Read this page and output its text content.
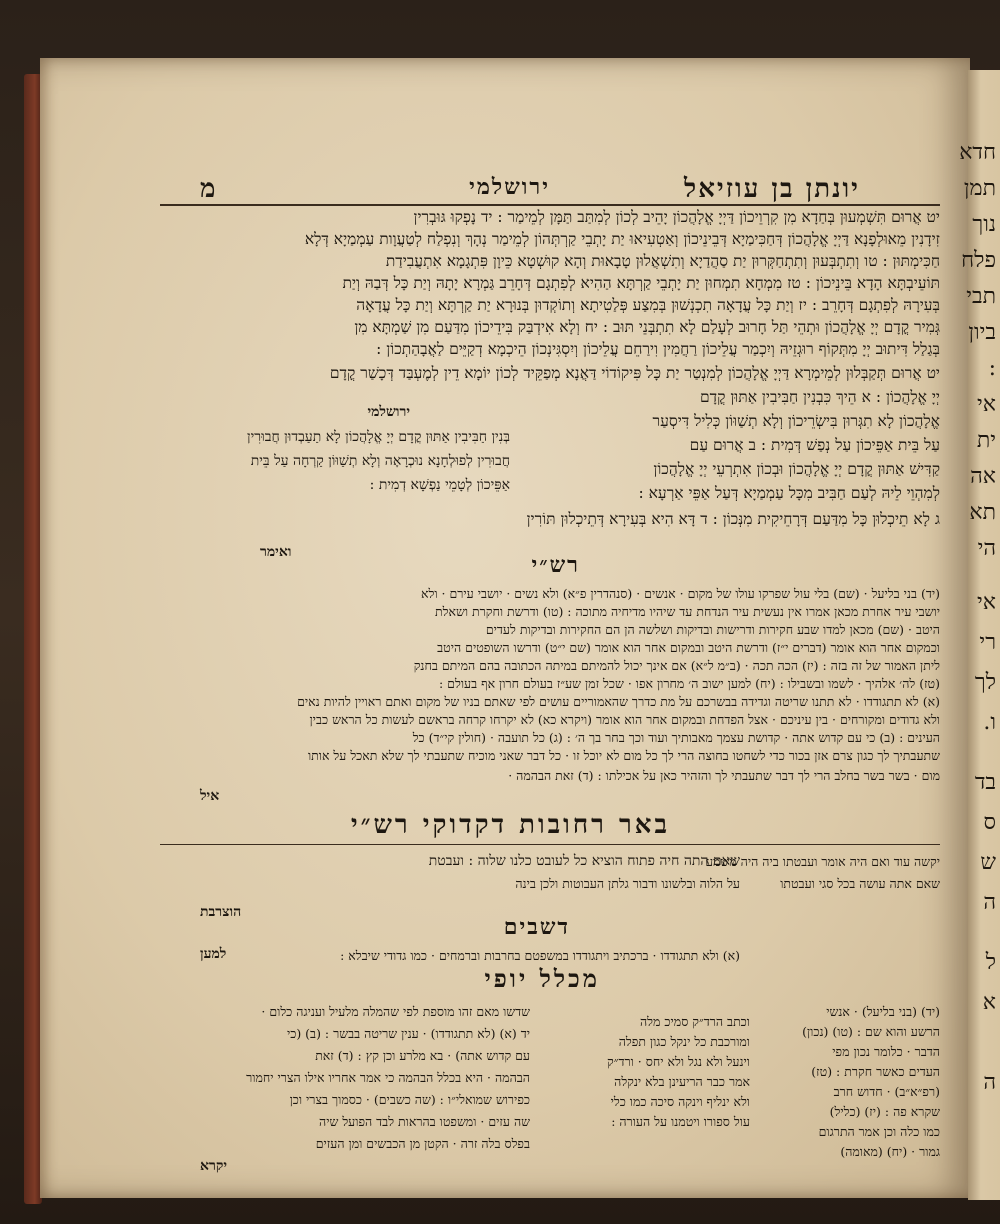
יונתן בן עוזיאל
ירושלמי
מ
יט אֲרוּם תִּשְׁמְעוּן בְּחַדָא מִן קִרְוֵיכוֹן דַּיְיָ אֱלָהֲכוֹן יָהֵיב לְכוֹן לְמִתַּב תַּמָּן לְמֵימַר : יד נָפְקוּ גּוּבְרִין
זִידָנִין מֵאוּלְפָנָא דַּיְיָ אֱלָהֲכוֹן דְּחַכִּימַיָא דְּבֵינֵיכוֹן וְאַטְעִיאוּ יַת יָתְבֵי קַרְתְּהוֹן לְמֵימַר נְהָךְ וְנִפְלַח לְטַעֲוָות עַמְמַיָא דְּלָא
חַכִּימְתּוּן : טו וְתִתְבְּעוּן וְתִתְחַקְּרוּן יַת סַהֲדַיָא וְתִשְׁאֲלוּן טָבָאוּת וְהָא קוּשְׁטָא כֵּיוָן פִּתְגָמָא אִתְעֲבִידַת
תּוֹעֵיבְתָּא הָדָא בֵּינֵיכוֹן : טז מִמְחָא תִמְחוּן יַת יָתְבֵי קַרְתָּא הַהִיא לְפִתְגָם דְּחָרֵב גַּמְרָא יָתָהּ וְיַת כָּל דְּבַהּ וְיַת
בְּעִירָהּ לְפִתְגָם דְּחָרֵב : יז וְיַת כָּל עֲדָאָה תִכְנְשׁוּן בְּמִצַע פְּלַטִיתָא וְתוֹקְדוּן בְּנוּרָא יַת קַרְתָּא וְיַת כָּל עֲדָאָה
גְּמִיר קֳדָם יְיָ אֱלָהֲכוֹן וּתְהֵי תַּל חָרוּב לְעָלַם לָא תִתְבְּנֵי תּוּב : יח וְלָא אִידְבַּק בִּידֵיכוֹן מִדַּעַם מִן שַׁמְתָּא מִן
בְּגַלַל דִּיתוּב יְיָ מִתְּקוֹף רוּגְזֵיהּ וְיִכְמַר עֲלֵיכוֹן רַחֲמִין וִירַחֵם עֲלֵיכוֹן וְיִסְגִּינְכוֹן הֵיכְמָא דְקַיֵּים לַאֲבָהַתְכוֹן :
יט אֲרוּם תְּקַבְּלוּן לְמֵימְרָא דַּיְיָ אֱלָהֲכוֹן לְמִנְטַר יַת כָּל פִּיקוֹדוֹי דַּאֲנָא מְפַקֵּיד לְכוֹן יוֹמָא דֵין לְמֶעְבַּד דְּכָשַׁר קֳדָם
יְיָ אֱלָהֲכוֹן : א הֵיךְ כִּבְנִין חַבִּיבִין אַתּוּן קֳדָם
אֱלָהֲכוֹן לָא תִגְּרוּן בִּישְׂרֵיכוֹן וְלָא תְשַׁוּוֹן כְּלִיל דִּיסְעַר
עַל בֵּית אַפֵּיכוֹן עַל נְפַשׁ דְּמִית : ב אֲרוּם עַם
קַדִּישׁ אַתּוּן קֳדָם יְיָ אֱלָהֲכוֹן וּבְכוֹן אִתְרְעֵי יְיָ אֱלָהֲכוֹן
לְמִהְוֵי לֵיהּ לְעַם חַבִּיב מִכָּל עַמְמַיָא דְּעַל אַפֵּי אַרְעָא :
ג לָא תֵיכְלוּן כָּל מִדַּעַם דְּרָחֵיקִית מִנְּכוֹן : ד דָּא הִיא בְּעִירָא דְּתֵיכְלוּן תּוֹרִין
ירושלמי
בְּנִין חַבִּיבִין אַתּוּן קֳדָם יְיָ אֱלָהֲכוֹן לָא תַעַבְדוּן חֲבוּרִין
חֲבוּרִין לְפוּלְחָנָא נוּכְרָאָה וְלָא תְשַׁוּוֹן קַרְחָה עַל בֵּית
אַפֵּיכוֹן לְטָמֵי נַפְשָׁא דְמִית :
ואימר	רש״י
(יד) בני בליעל · (שם) בלי עול שפרקו עולו של מקום · אנשים · (סנהדרין פ״א) ולא נשים · יושבי עירם · ולא
יושבי עיר אחרת מכאן אמרו אין נעשית עיר הנדחת עד שיהיו מדיחיה מתוכה : (טו) ודרשת וחקרת ושאלת
היטב · (שם) מכאן למדו שבע חקירות ודרישות ובדיקות ושלשה הן הם החקירות ובדיקות לעדים
וכמקום אחר הוא אומר (דברים י״ז) ודרשת היטב ובמקום אחר הוא אומר (שם י״ט) ודרשו השופטים היטב
ליתן האמור של זה בזה : (יז) הכה תכה · (ב״מ ל״א) אם אינך יכול להמיתם במיתה הכתובה בהם המיתם בחנק
(טז) לה׳ אלהיך · לשמו ובשבילו : (יח) למען ישוב ה׳ מחרון אפו · שכל זמן שע״ז בעולם חרון אף בעולם :
(א) לא תתגודדו · לא תתנו שריטה וגדידה בבשרכם על מת כדרך שהאמוריים עושים לפי שאתם בניו של מקום ואתם ראויין להיות נאים
ולא גדודים ומקורחים · בין עיניכם · אצל הפדחת ובמקום אחר הוא אומר (ויקרא כא) לא יקרחו קרחה בראשם לעשות כל הראש כבין
העינים : (ב) כי עם קדוש אתה · קדושת עצמך מאבותיך ועוד וכך בחר בך ה׳ : (ג) כל תועבה · (חולין קי״ד) כל
שתעבתיך לך כגון צרם אזן בכור כדי לשחטו בחוצה הרי לך כל מום לא יוכל זו · כל דבר שאני מוכיח שתעבתי לך שלא תאכל על אותו
מום · בשר בשר בחלב הרי לך דבר שתעבתי לך והזהיר כאן על אכילתו : (ד) זאת הבהמה ·
איל
באר רחובות דקדוקי רש״י
יקשה עוד ואם היה אומר ועבטתו ביה היה משמע
שאם אתה עושה בכל סגי ועבטתו
שאם התה חיה פתוח הוציא כל לעובט כלנו שלוה : ועבטת
על הלוה ובלשונו ודבור גלתן העבוטות ולכן בינה
הוצרבת
דשבים
(א) ולא תתגודדו · ברכתיב ויתגודדו במשפטם בחרבות וברמחים · כמו גדודי שיבלא :
למען
מכלל יופי
(יד) (בני בליעל) · אנשי
הרשע והוא שם : (טו) (נכון)
הדבר · כלומר נכון מפי
העדים כאשר חקרת : (טז)
(רפ״א״ב) · חדוש חרב
שקרא פה : (יז) (כליל)
כמו כלה וכן אמר התרגום
גמור · (יח) (מאומה)
וכתב הרד״ק סמיכ מלה
ומורכבת כל ינקל כגון תפלה
וינעל ולא נגל ולא יחס · ורד״ק
אמר כבר הריעינן בלא ינקלה
ולא ינליף וינקה סיכה כמו כלי
עול ספורו ויטמנו על העורה :
שדשו מאם זהו מוספת לפי שהמלה מלעיל ועניגה כלום ·
יד (א) (לא תתגודדו) · ענין שריטה בבשר : (ב) (כי
עם קדוש אתה) · בא מלרע וכן קץ : (ד) זאת
הבהמה · היא בכלל הבהמה כי אמר אחריו אילו הצרי יחמור
כפירוש שמואלי״ו : (שה כשבים) · כסמוך בצרי וכן
שה עזים · ומשפטו בהראות לבד הפועל שיה
בפלס בלה זרה · הקטן מן הכבשים ומן העזים
יקרא
חדא
תמן
נוך
פלח
תבי
ביון
:
אי
ית
אה
תא
הי
אי
רי
לך
ו.
בד
ס
ש
ה
ל
א
ה
